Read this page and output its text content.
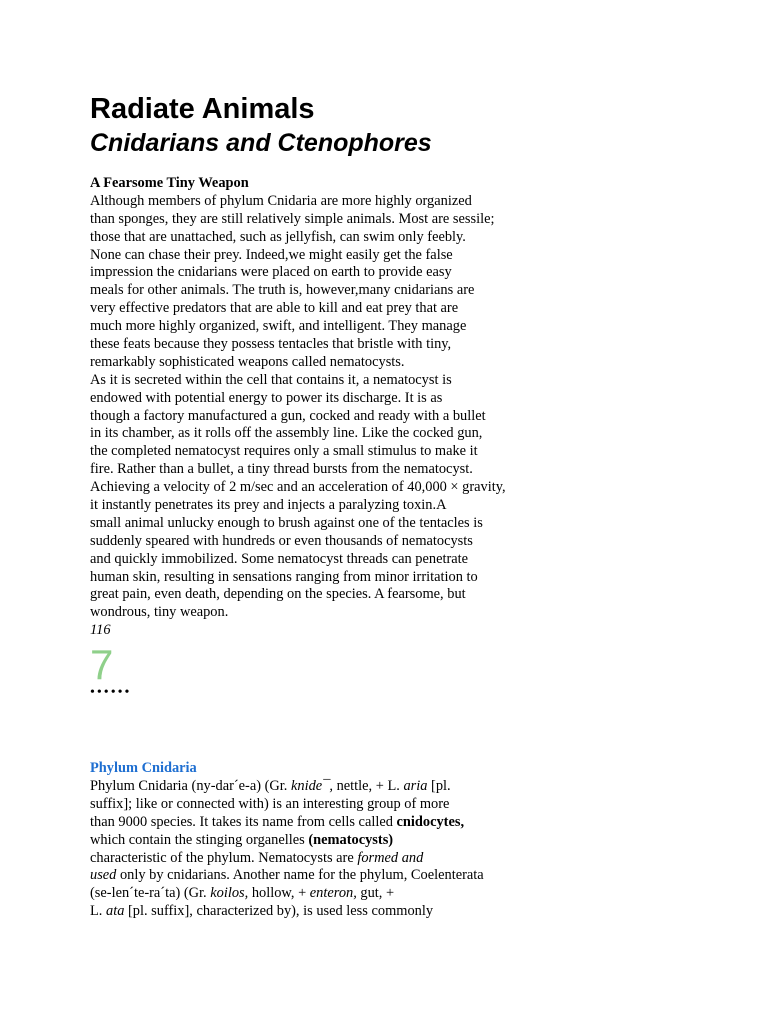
Radiate Animals
Cnidarians and Ctenophores
A Fearsome Tiny Weapon
Although members of phylum Cnidaria are more highly organized
than sponges, they are still relatively simple animals. Most are sessile;
those that are unattached, such as jellyfish, can swim only feebly.
None can chase their prey. Indeed,we might easily get the false
impression the cnidarians were placed on earth to provide easy
meals for other animals. The truth is, however,many cnidarians are
very effective predators that are able to kill and eat prey that are
much more highly organized, swift, and intelligent. They manage
these feats because they possess tentacles that bristle with tiny,
remarkably sophisticated weapons called nematocysts.
As it is secreted within the cell that contains it, a nematocyst is
endowed with potential energy to power its discharge. It is as
though a factory manufactured a gun, cocked and ready with a bullet
in its chamber, as it rolls off the assembly line. Like the cocked gun,
the completed nematocyst requires only a small stimulus to make it
fire. Rather than a bullet, a tiny thread bursts from the nematocyst.
Achieving a velocity of 2 m/sec and an acceleration of 40,000 × gravity,
it instantly penetrates its prey and injects a paralyzing toxin.A
small animal unlucky enough to brush against one of the tentacles is
suddenly speared with hundreds or even thousands of nematocysts
and quickly immobilized. Some nematocyst threads can penetrate
human skin, resulting in sensations ranging from minor irritation to
great pain, even death, depending on the species. A fearsome, but
wondrous, tiny weapon.
116
7
••••••
Phylum Cnidaria
Phylum Cnidaria (ny-dar´e-a) (Gr. knide¯, nettle, + L. aria [pl.
suffix]; like or connected with) is an interesting group of more
than 9000 species. It takes its name from cells called cnidocytes,
which contain the stinging organelles (nematocysts)
characteristic of the phylum. Nematocysts are formed and
used only by cnidarians. Another name for the phylum, Coelenterata
(se-len´te-ra´ta) (Gr. koilos, hollow, + enteron, gut, +
L. ata [pl. suffix], characterized by), is used less commonly
